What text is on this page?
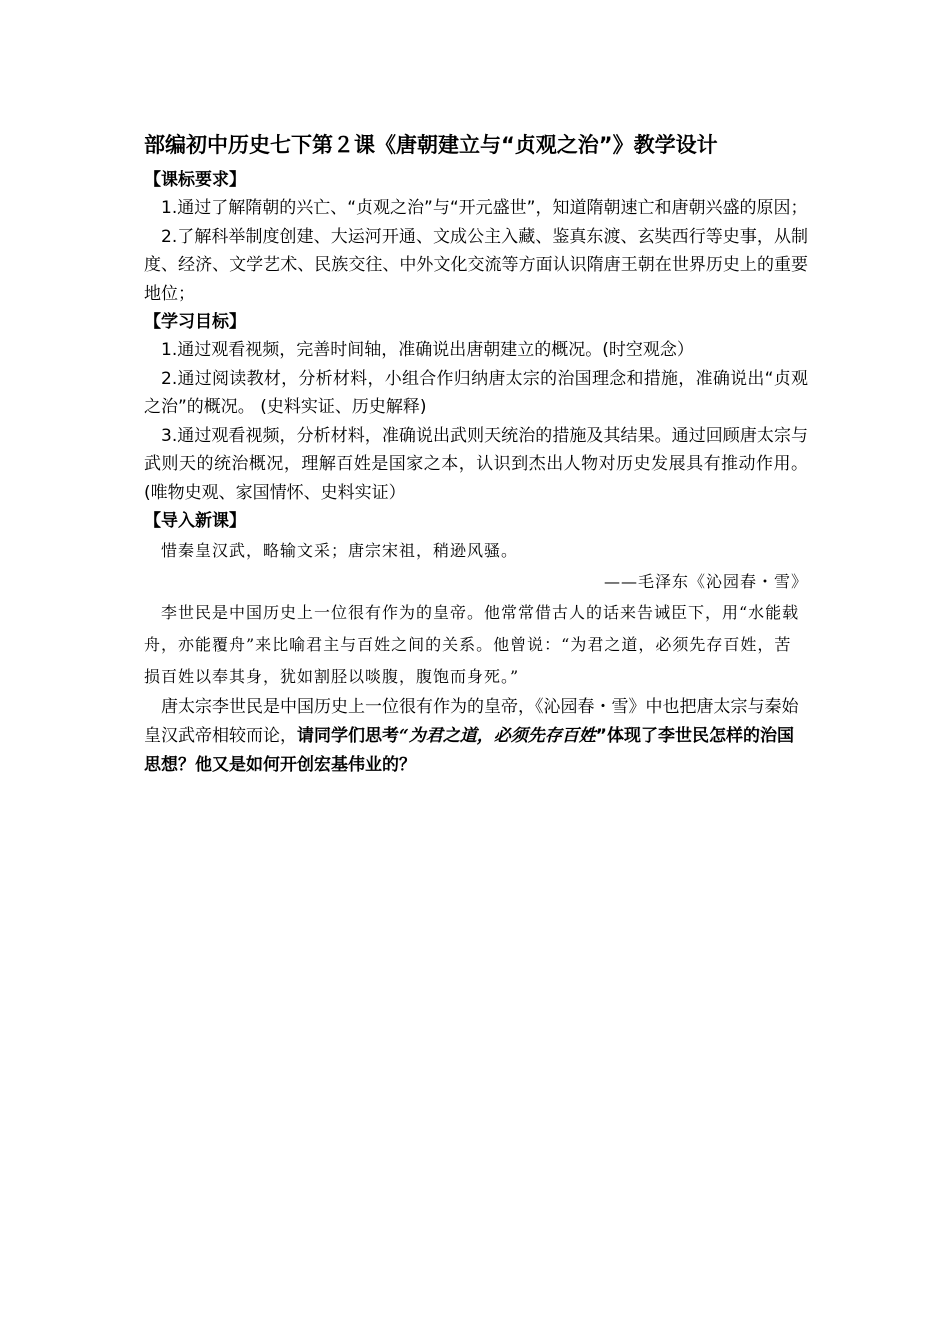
部编初中历史七下第２课《唐朝建立与“贞观之治”》教学设计

【课标要求】

1.通过了解隋朝的兴亡、“贞观之治”与“开元盛世”，知道隋朝速亡和唐朝兴盛的原因；

2.了解科举制度创建、大运河开通、文成公主入藏、鉴真东渡、玄奘西行等史事，从制度、经济、文学艺术、民族交往、中外文化交流等方面认识隋唐王朝在世界历史上的重要地位；

【学习目标】

1.通过观看视频，完善时间轴，准确说出唐朝建立的概况。(时空观念）

2.通过阅读教材，分析材料，小组合作归纳唐太宗的治国理念和措施，准确说出“贞观之治”的概况。 (史料实证、历史解释)

3.通过观看视频，分析材料，准确说出武则天统治的措施及其结果。通过回顾唐太宗与武则天的统治概况，理解百姓是国家之本，认识到杰出人物对历史发展具有推动作用。 (唯物史观、家国情怀、史料实证）

【导入新课】

惜秦皇汉武，略输文采；唐宗宋祖，稍逊风骚。

——毛泽东《沁园春・雪》

李世民是中国历史上一位很有作为的皇帝。他常常借古人的话来告诫臣下，用“水能载舟，亦能覆舟”来比喻君主与百姓之间的关系。他曾说：“为君之道，必须先存百姓，苦损百姓以奉其身，犹如割胫以啖腹，腹饱而身死。”

唐太宗李世民是中国历史上一位很有作为的皇帝，《沁园春・雪》中也把唐太宗与秦始皇汉武帝相较而论，请同学们思考“为君之道，必须先存百姓”体现了李世民怎样的治国思想？他又是如何开创宏基伟业的？
